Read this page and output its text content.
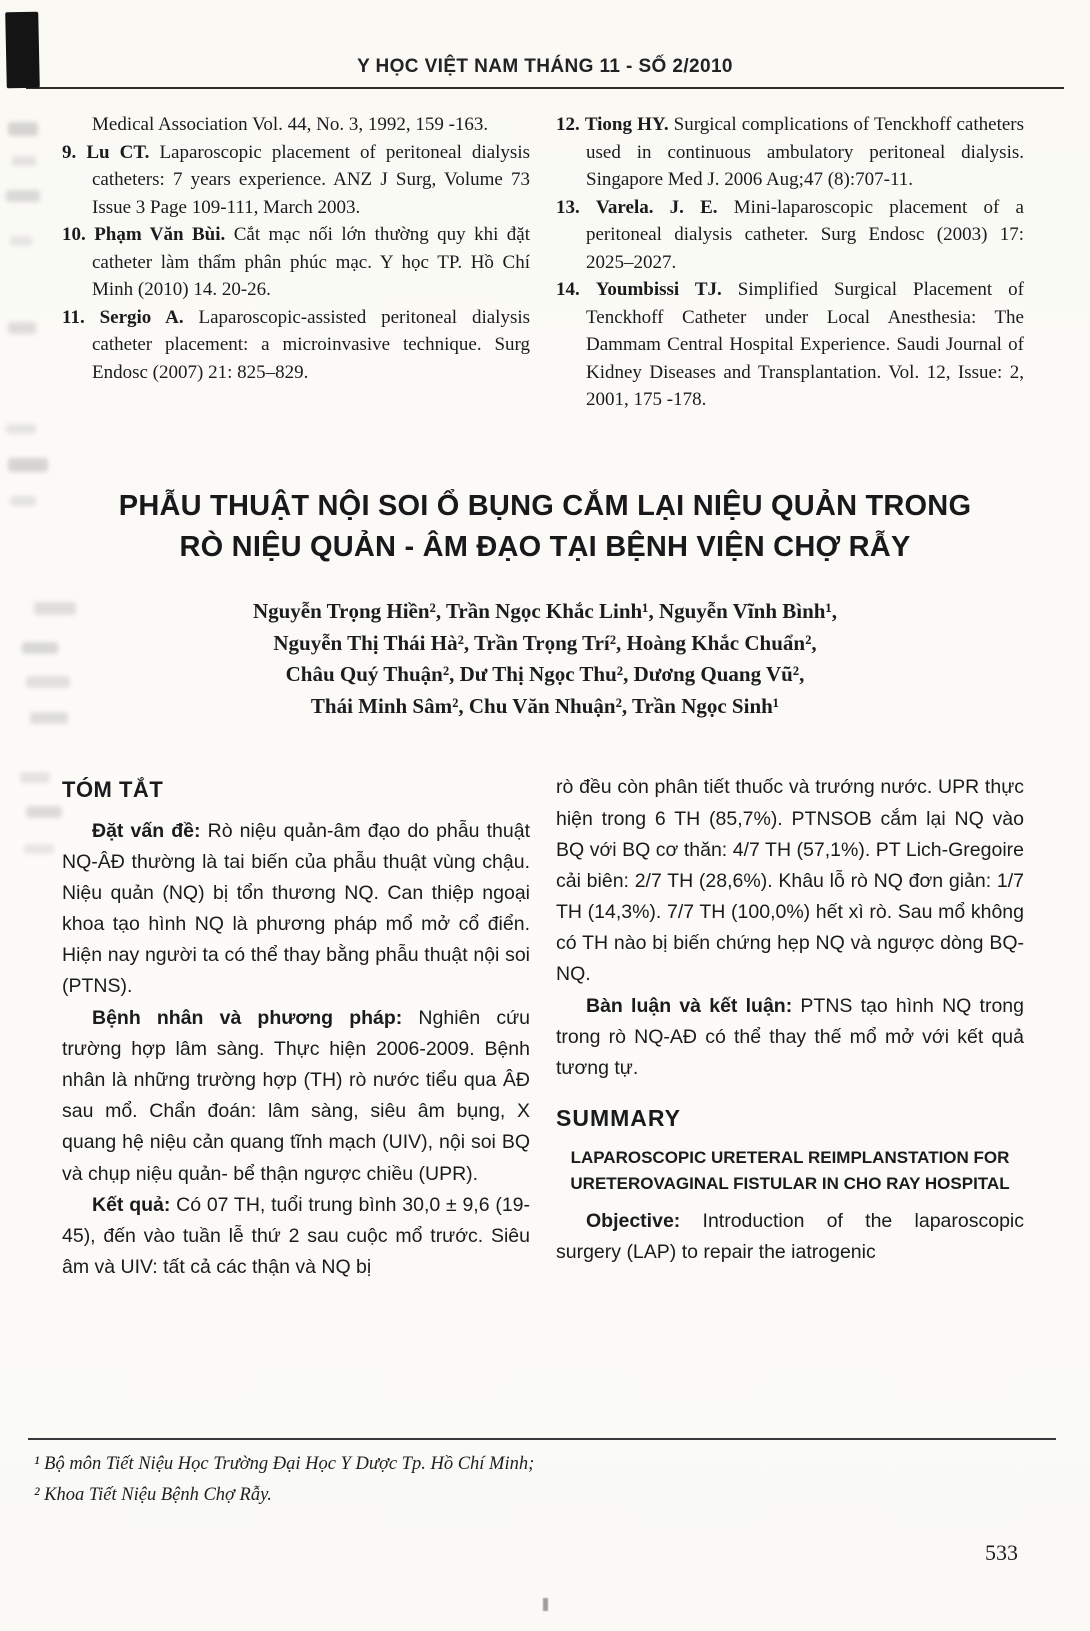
Y HỌC VIỆT NAM THÁNG 11 - SỐ 2/2010
Medical Association Vol. 44, No. 3, 1992, 159 -163.
9. Lu CT. Laparoscopic placement of peritoneal dialysis catheters: 7 years experience. ANZ J Surg, Volume 73 Issue 3 Page 109-111, March 2003.
10. Phạm Văn Bùi. Cắt mạc nối lớn thường quy khi đặt catheter làm thẩm phân phúc mạc. Y học TP. Hồ Chí Minh (2010) 14. 20-26.
11. Sergio A. Laparoscopic-assisted peritoneal dialysis catheter placement: a microinvasive technique. Surg Endosc (2007) 21: 825–829.
12. Tiong HY. Surgical complications of Tenckhoff catheters used in continuous ambulatory peritoneal dialysis. Singapore Med J. 2006 Aug;47 (8):707-11.
13. Varela. J. E. Mini-laparoscopic placement of a peritoneal dialysis catheter. Surg Endosc (2003) 17: 2025–2027.
14. Youmbissi TJ. Simplified Surgical Placement of Tenckhoff Catheter under Local Anesthesia: The Dammam Central Hospital Experience. Saudi Journal of Kidney Diseases and Transplantation. Vol. 12, Issue: 2, 2001, 175 -178.
PHẪU THUẬT NỘI SOI Ổ BỤNG CẮM LẠI NIỆU QUẢN TRONG
RÒ NIỆU QUẢN - ÂM ĐẠO TẠI BỆNH VIỆN CHỢ RẪY
Nguyễn Trọng Hiền², Trần Ngọc Khắc Linh¹, Nguyễn Vĩnh Bình¹,
Nguyễn Thị Thái Hà², Trần Trọng Trí², Hoàng Khắc Chuẩn²,
Châu Quý Thuận², Dư Thị Ngọc Thu², Dương Quang Vũ²,
Thái Minh Sâm², Chu Văn Nhuận², Trần Ngọc Sinh¹
TÓM TẮT

Đặt vấn đề: Rò niệu quản-âm đạo do phẫu thuật NQ-ÂĐ thường là tai biến của phẫu thuật vùng chậu. Niệu quản (NQ) bị tổn thương NQ. Can thiệp ngoại khoa tạo hình NQ là phương pháp mổ mở cổ điển. Hiện nay người ta có thể thay bằng phẫu thuật nội soi (PTNS).

Bệnh nhân và phương pháp: Nghiên cứu trường hợp lâm sàng. Thực hiện 2006-2009. Bệnh nhân là những trường hợp (TH) rò nước tiểu qua ÂĐ sau mổ. Chẩn đoán: lâm sàng, siêu âm bụng, X quang hệ niệu cản quang tĩnh mạch (UIV), nội soi BQ và chụp niệu quản- bể thận ngược chiều (UPR).

Kết quả: Có 07 TH, tuổi trung bình 30,0 ± 9,6 (19-45), đến vào tuần lễ thứ 2 sau cuộc mổ trước. Siêu âm và UIV: tất cả các thận và NQ bị

rò đều còn phân tiết thuốc và trướng nước. UPR thực hiện trong 6 TH (85,7%). PTNSOB cắm lại NQ vào BQ với BQ cơ thăn: 4/7 TH (57,1%). PT Lich-Gregoire cải biên: 2/7 TH (28,6%). Khâu lỗ rò NQ đơn giản: 1/7 TH (14,3%). 7/7 TH (100,0%) hết xì rò. Sau mổ không có TH nào bị biến chứng hẹp NQ và ngược dòng BQ-NQ.

Bàn luận và kết luận: PTNS tạo hình NQ trong trong rò NQ-AĐ có thể thay thế mổ mở với kết quả tương tự.

SUMMARY
LAPAROSCOPIC URETERAL REIMPLANSTATION FOR URETEROVAGINAL FISTULAR IN CHO RAY HOSPITAL

Objective: Introduction of the laparoscopic surgery (LAP) to repair the iatrogenic

¹ Bộ môn Tiết Niệu Học Trường Đại Học Y Dược Tp. Hồ Chí Minh;
² Khoa Tiết Niệu Bệnh Chợ Rẫy.
533
